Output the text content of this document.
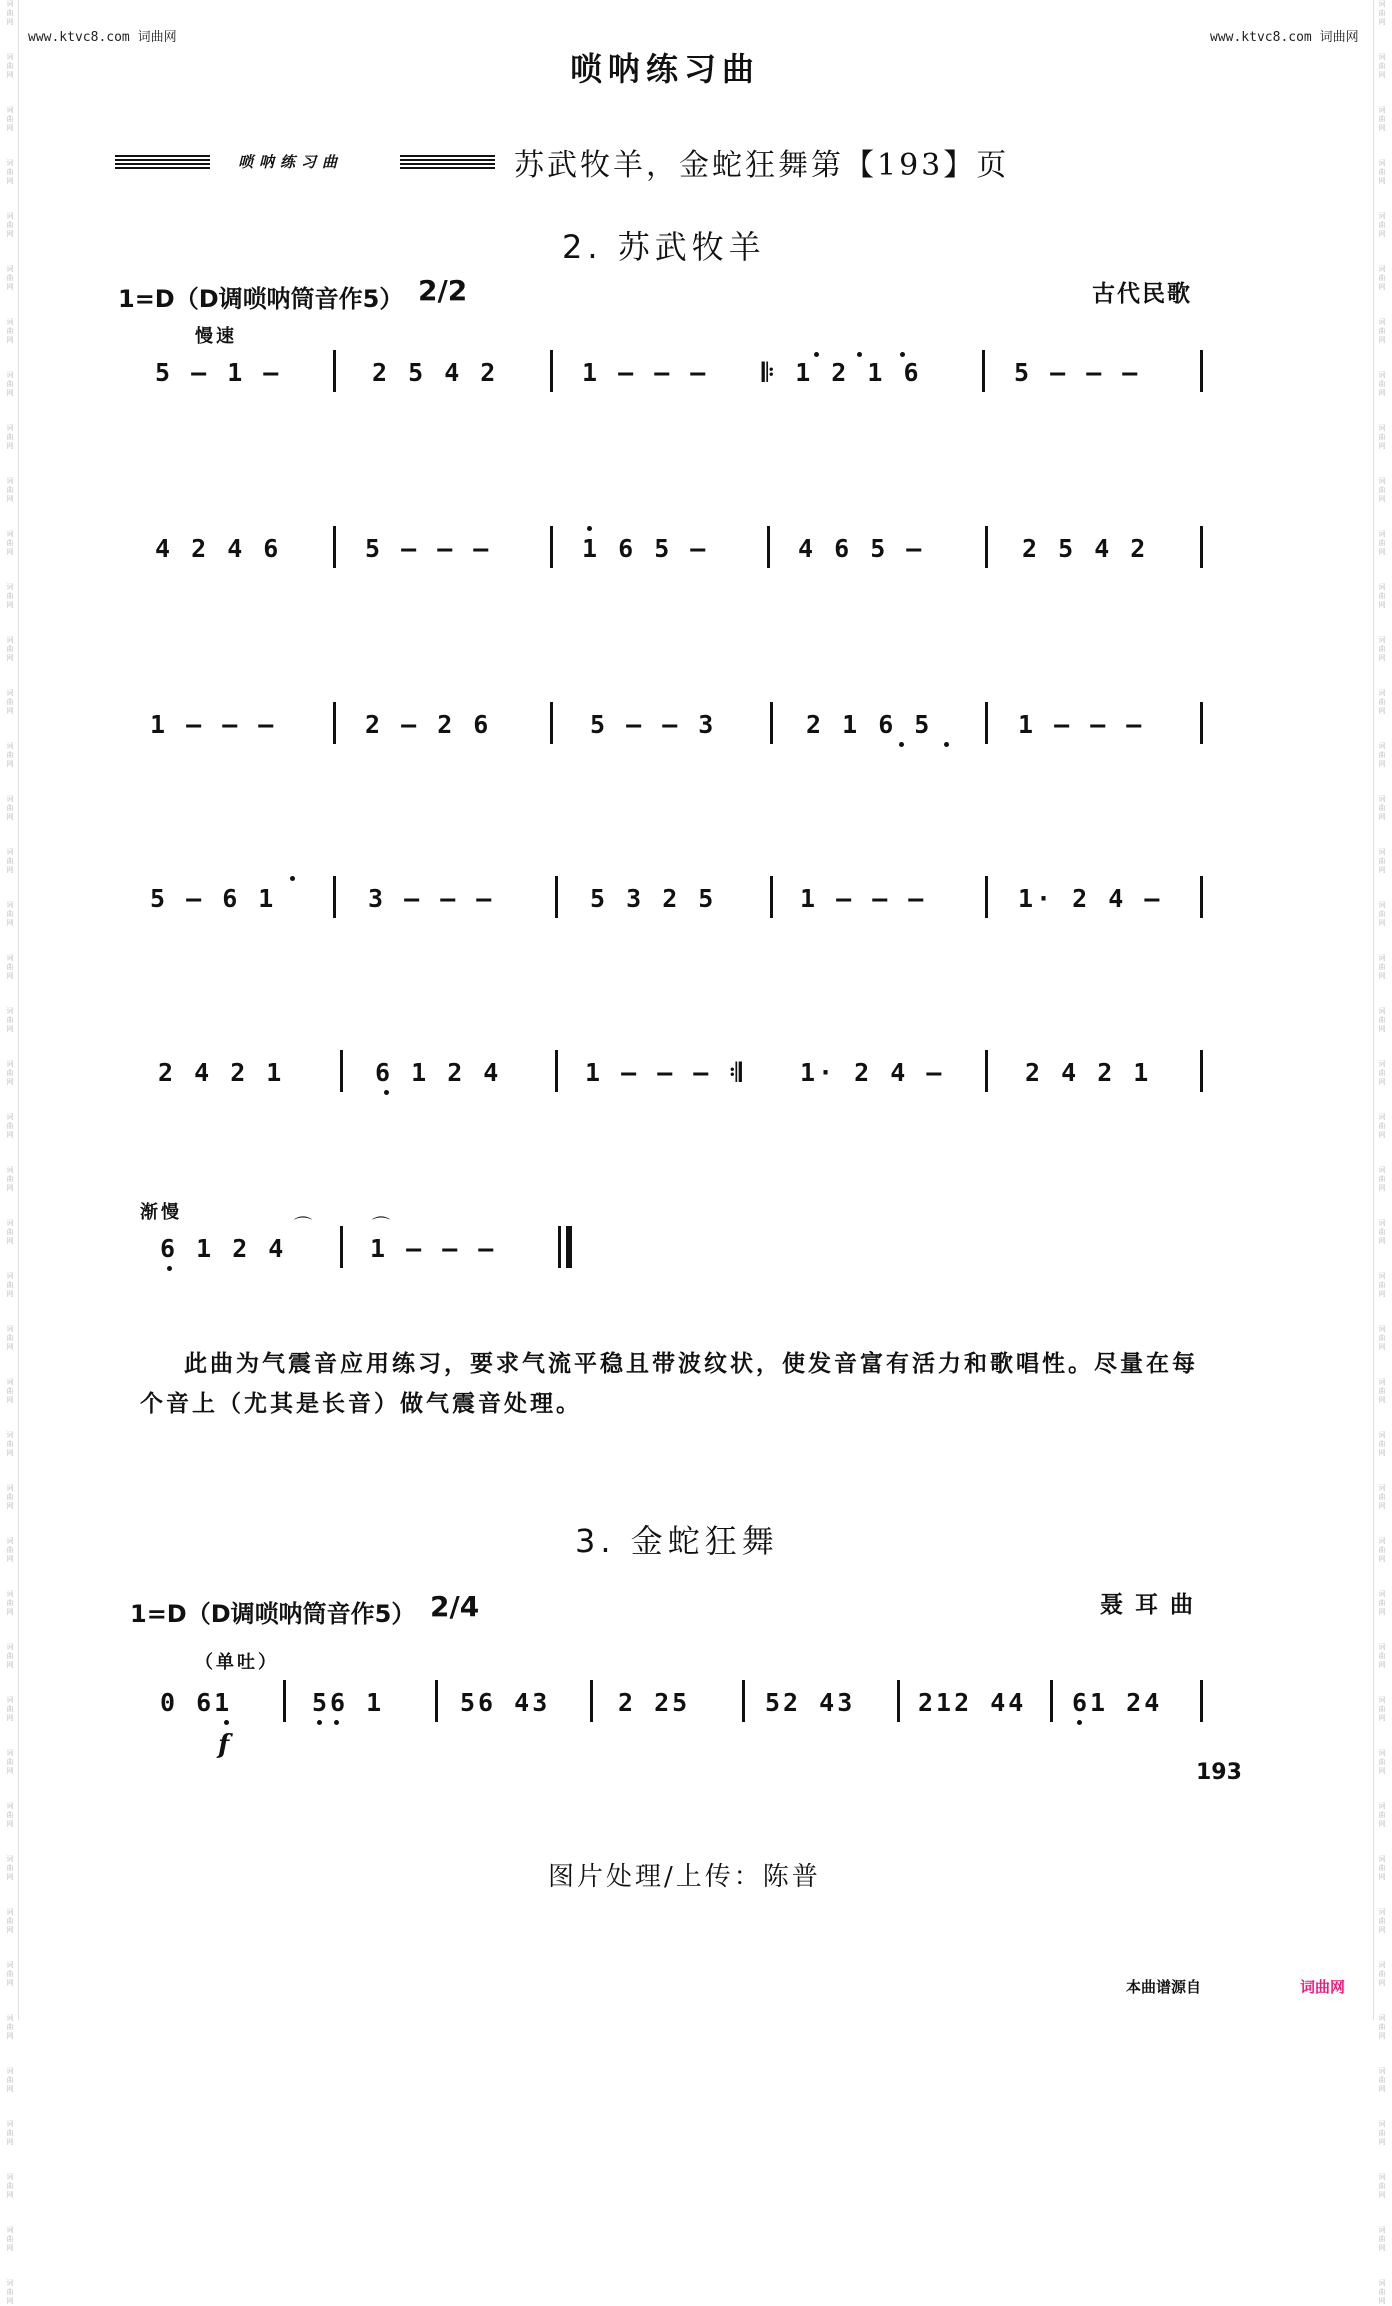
词曲网
词曲网
词曲网
词曲网
词曲网
词曲网
词曲网
词曲网
词曲网
词曲网
词曲网
词曲网
词曲网
词曲网
词曲网
词曲网
词曲网
词曲网
词曲网
词曲网
词曲网
词曲网
词曲网
词曲网
词曲网
词曲网
词曲网
词曲网
词曲网
词曲网
词曲网
词曲网
词曲网
词曲网
词曲网
词曲网
词曲网
词曲网
词曲网
词曲网
词曲网
词曲网
词曲网
词曲网
词曲网
词曲网
词曲网
词曲网
词曲网
词曲网
词曲网
词曲网
词曲网
词曲网
词曲网
词曲网
词曲网
词曲网
词曲网
词曲网
词曲网
词曲网
词曲网
词曲网
词曲网
词曲网
词曲网
词曲网
词曲网
词曲网
词曲网
词曲网
词曲网
词曲网
词曲网
词曲网
词曲网
词曲网
词曲网
词曲网
词曲网
词曲网
词曲网
词曲网
词曲网
词曲网
词曲网
词曲网
www.ktvc8.com 词曲网	www.ktvc8.com 词曲网
唢呐练习曲
唢呐练习曲	苏武牧羊，金蛇狂舞第【193】页
2. 苏武牧羊
1=D（D调唢呐筒音作5） 2/2	古代民歌
慢速
5 — 1 —	2 5 4 2	1 — — — 𝄆 1 2 1 6	5 — — —
4 2 4 6	5 — — —	1 6 5 —	4 6 5 —	2 5 4 2
1 — — —	2 — 2 6	5 — — 3	2 1 6 5	1 — — —
5 — 6 1	3 — — —	5 3 2 5	1 — — —	1· 2 4 —
2 4 2 1	6 1 2 4	1 — — — 𝄇 1· 2 4 —	2 4 2 1
渐慢
6 1 2 4	1 — — —
⌒	⌒
此曲为气震音应用练习，要求气流平稳且带波纹状，使发音富有活力和歌唱性。尽量在每个音上（尤其是长音）做气震音处理。
3. 金蛇狂舞
1=D（D调唢呐筒音作5） 2/4	聂 耳 曲
（单吐）
0 61	56 1	56 43	2 25	52 43	212 44 61 24
f
193
图片处理/上传：陈普
本曲谱源自	词曲网
